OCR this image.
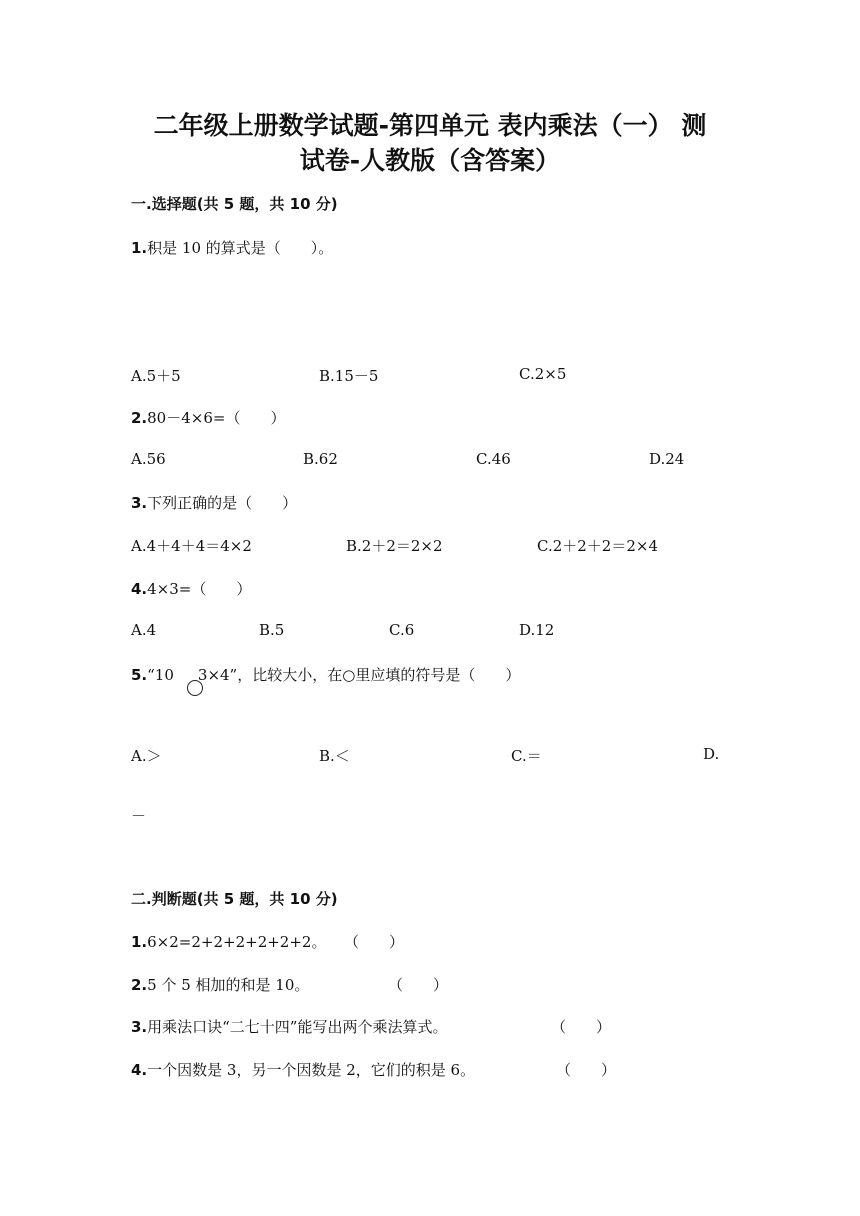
二年级上册数学试题-第四单元 表内乘法（一） 测
试卷-人教版（含答案）
一.选择题(共 5 题，共 10 分)
1.积是 10 的算式是（　　）。
A.5＋5	B.15－5	C.2×5
2.80－4×6=（　　）
A.56	B.62	C.46	D.24
3.下列正确的是（　　）
A.4＋4＋4＝4×2	B.2＋2＝2×2	C.2＋2＋2＝2×4
4.4×3=（　　）
A.4	B.5	C.6	D.12
5.“10 3×4”，比较大小，在○里应填的符号是（　　）
A.＞	B.＜	C.＝	D.
－
二.判断题(共 5 题，共 10 分)
1.6×2=2+2+2+2+2+2。 （　　）
2.5 个 5 相加的和是 10。	（　　）
3.用乘法口诀“二七十四”能写出两个乘法算式。	（　　）
4.一个因数是 3，另一个因数是 2，它们的积是 6。	（　　）
